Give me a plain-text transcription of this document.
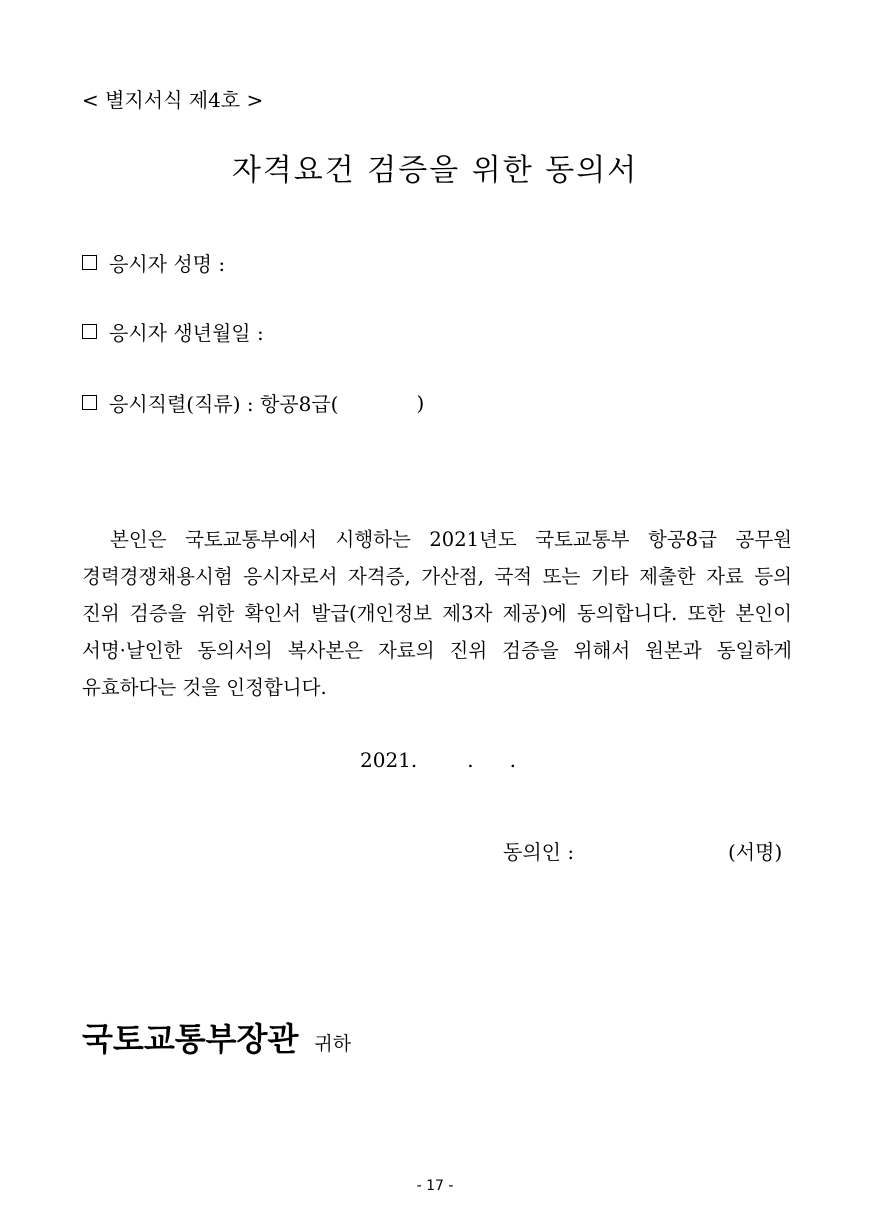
< 별지서식 제4호 >
자격요건 검증을 위한 동의서
응시자 성명 :
응시자 생년월일 :
응시직렬(직류) : 항공8급(	)
본인은 국토교통부에서 시행하는 2021년도 국토교통부 항공8급 공무원 경력경쟁채용시험 응시자로서 자격증, 가산점, 국적 또는 기타 제출한 자료 등의 진위 검증을 위한 확인서 발급(개인정보 제3자 제공)에 동의합니다. 또한 본인이 서명·날인한 동의서의 복사본은 자료의 진위 검증을 위해서 원본과 동일하게 유효하다는 것을 인정합니다.
2021.	. .
동의인 :	(서명)
국토교통부장관 귀하
- 17 -
